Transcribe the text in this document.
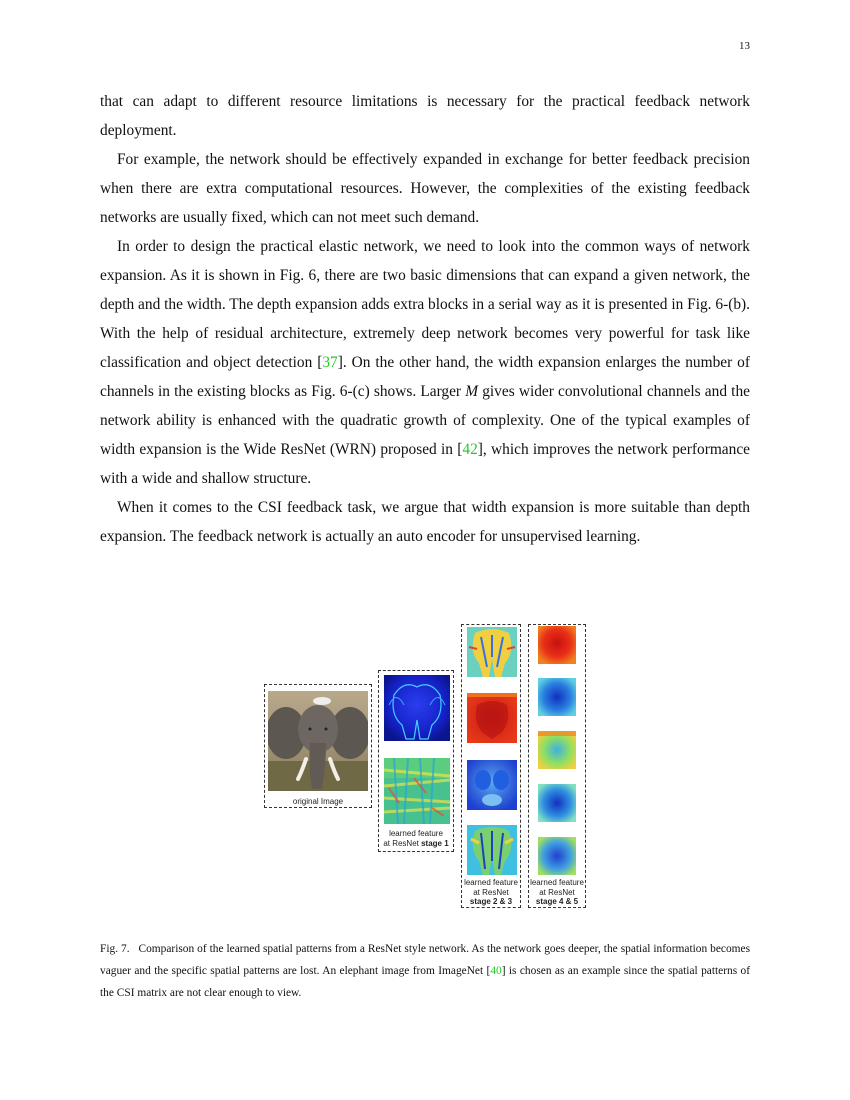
13

that can adapt to different resource limitations is necessary for the practical feedback network deployment.

For example, the network should be effectively expanded in exchange for better feedback precision when there are extra computational resources. However, the complexities of the existing feedback networks are usually fixed, which can not meet such demand.

In order to design the practical elastic network, we need to look into the common ways of network expansion. As it is shown in Fig. 6, there are two basic dimensions that can expand a given network, the depth and the width. The depth expansion adds extra blocks in a serial way as it is presented in Fig. 6-(b). With the help of residual architecture, extremely deep network becomes very powerful for task like classification and object detection [37]. On the other hand, the width expansion enlarges the number of channels in the existing blocks as Fig. 6-(c) shows. Larger M gives wider convolutional channels and the network ability is enhanced with the quadratic growth of complexity. One of the typical examples of width expansion is the Wide ResNet (WRN) proposed in [42], which improves the network performance with a wide and shallow structure.

When it comes to the CSI feedback task, we argue that width expansion is more suitable than depth expansion. The feedback network is actually an auto encoder for unsupervised learning.

original Image
learned feature
at ResNet stage 1
learned feature
at ResNet
stage 2 & 3
learned feature
at ResNet
stage 4 & 5
Fig. 7. Comparison of the learned spatial patterns from a ResNet style network. As the network goes deeper, the spatial information becomes vaguer and the specific spatial patterns are lost. An elephant image from ImageNet [40] is chosen as an example since the spatial patterns of the CSI matrix are not clear enough to view.
